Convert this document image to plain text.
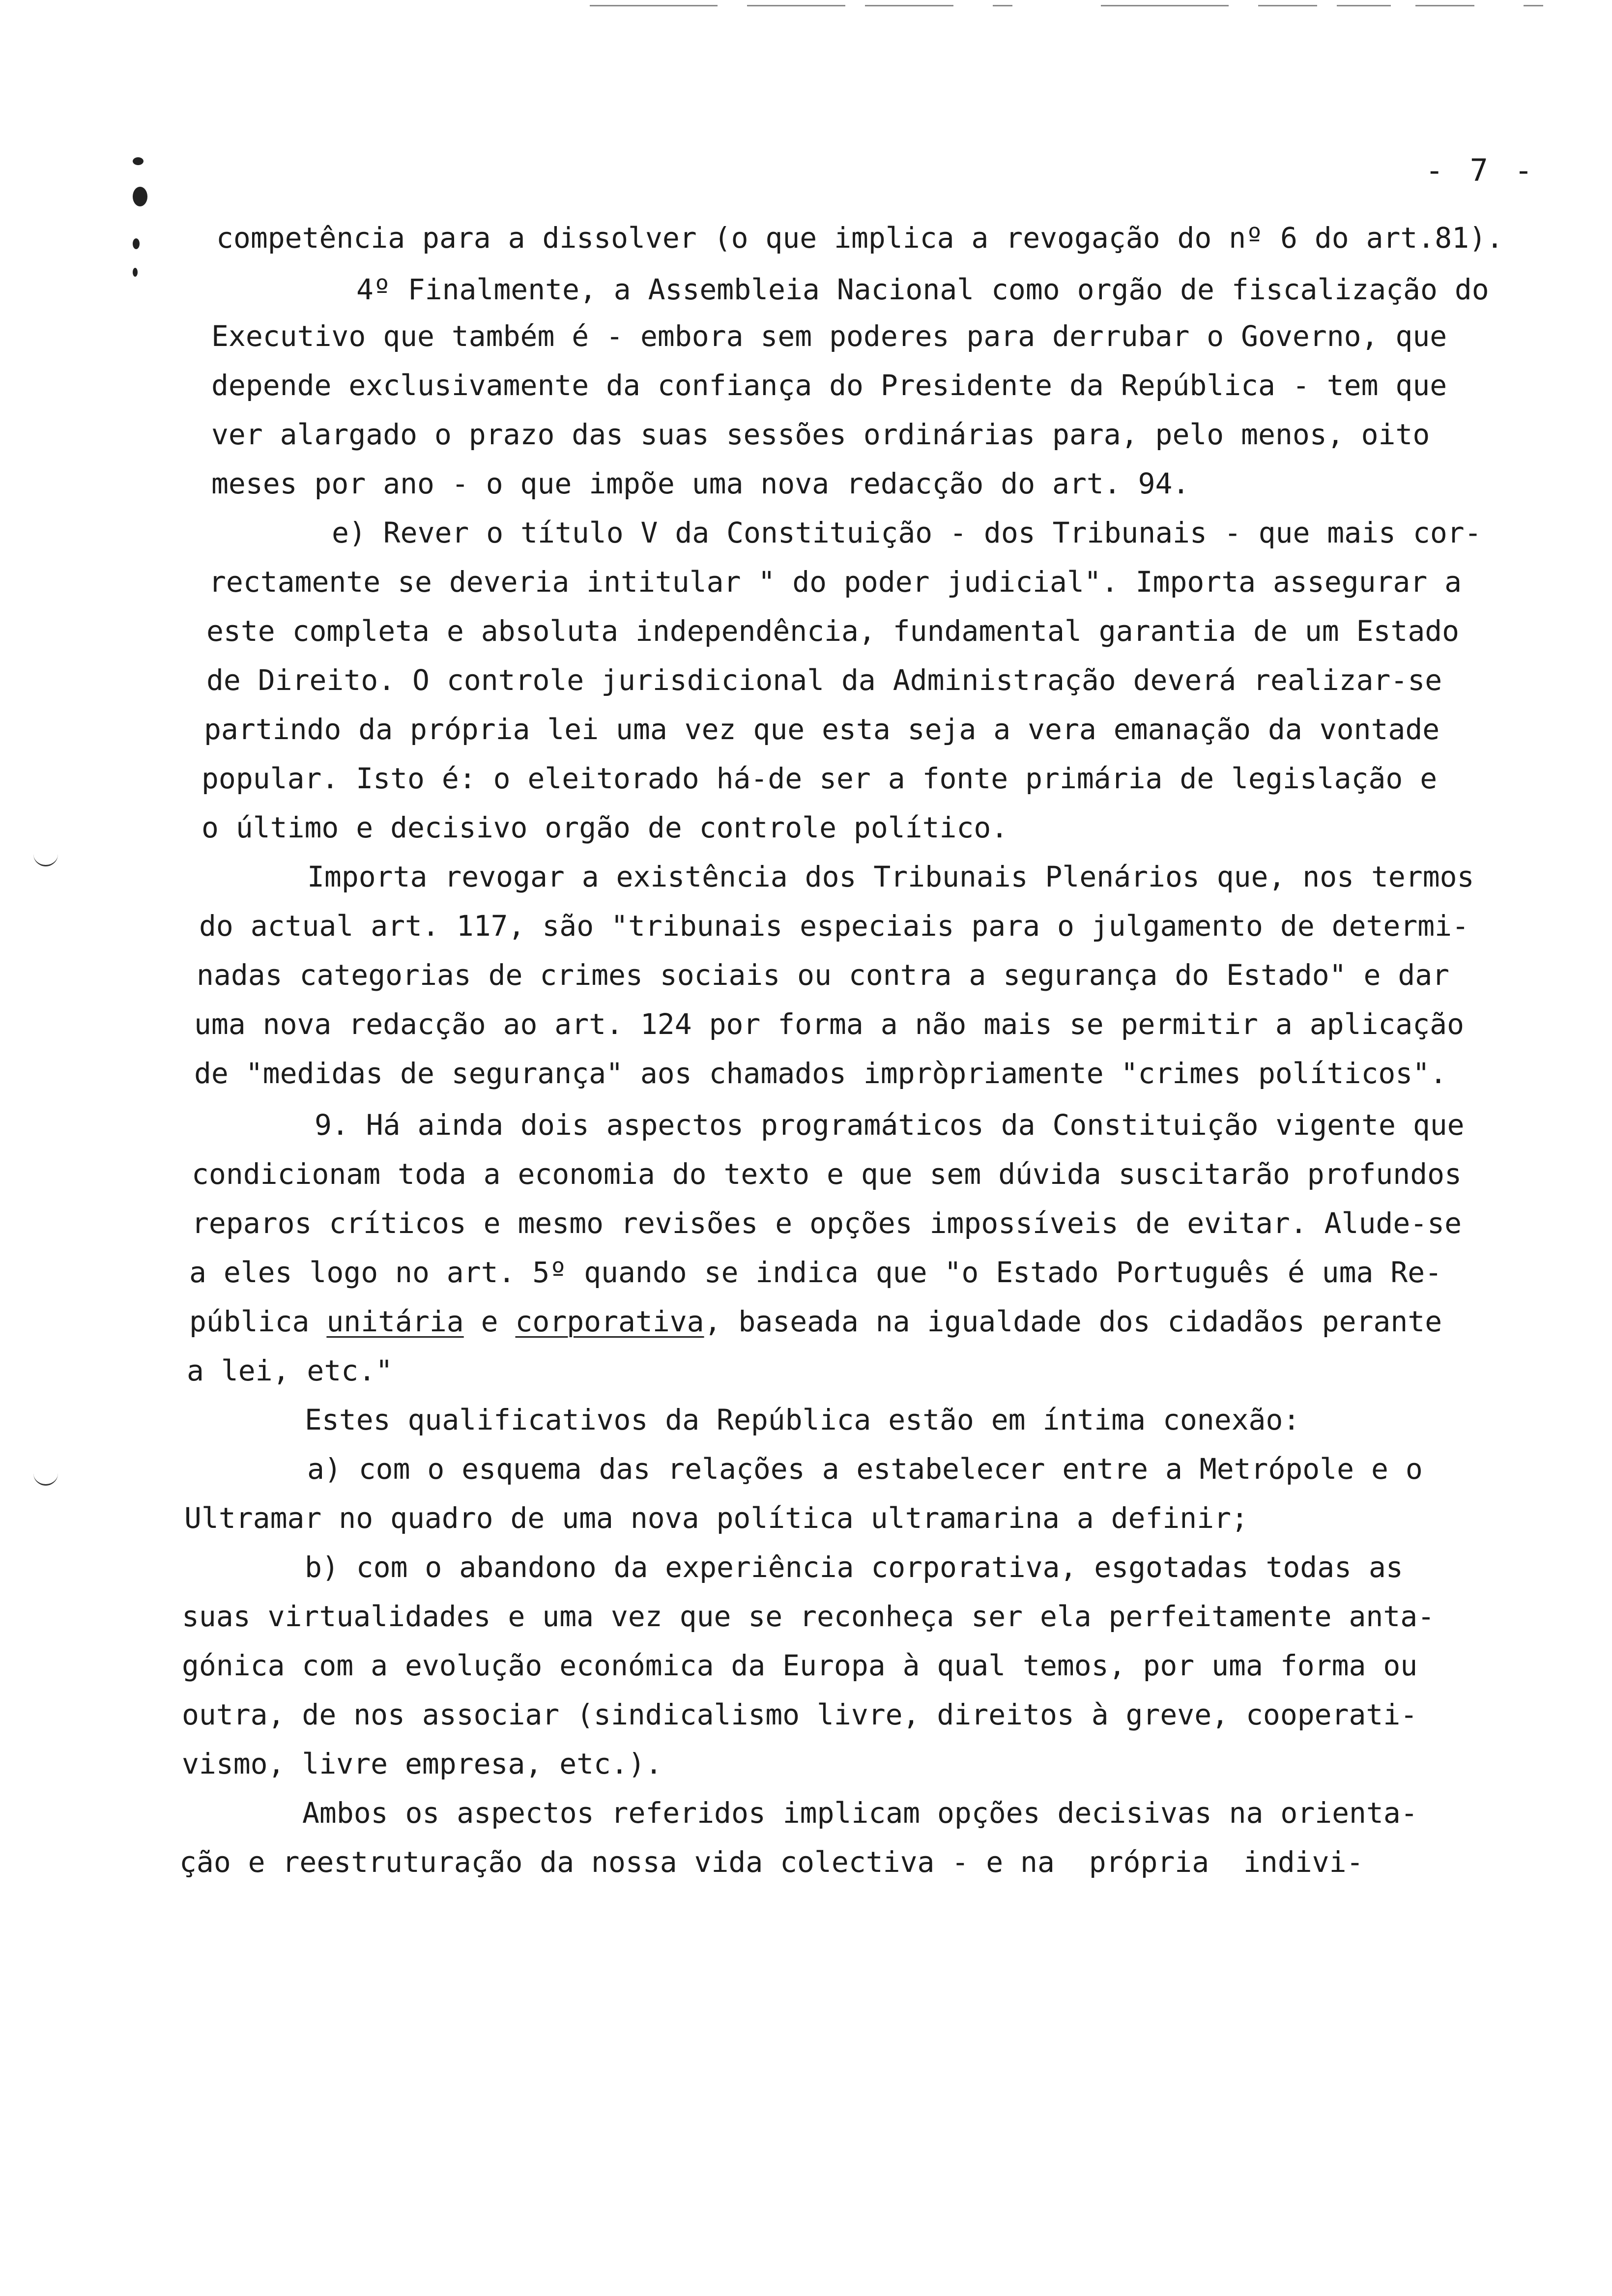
- 7 -
competência para a dissolver (o que implica a revogação do nº 6 do art.81).
4º Finalmente, a Assembleia Nacional como orgão de fiscalização do
Executivo que também é - embora sem poderes para derrubar o Governo, que
depende exclusivamente da confiança do Presidente da República - tem que
ver alargado o prazo das suas sessões ordinárias para, pelo menos, oito
meses por ano - o que impõe uma nova redacção do art. 94.
e) Rever o título V da Constituição - dos Tribunais - que mais cor-
rectamente se deveria intitular " do poder judicial". Importa assegurar a
este completa e absoluta independência, fundamental garantia de um Estado
de Direito. O controle jurisdicional da Administração deverá realizar-se
partindo da própria lei uma vez que esta seja a vera emanação da vontade
popular. Isto é: o eleitorado há-de ser a fonte primária de legislação e
o último e decisivo orgão de controle político.
Importa revogar a existência dos Tribunais Plenários que, nos termos
do actual art. 117, são "tribunais especiais para o julgamento de determi-
nadas categorias de crimes sociais ou contra a segurança do Estado" e dar
uma nova redacção ao art. 124 por forma a não mais se permitir a aplicação
de "medidas de segurança" aos chamados impròpriamente "crimes políticos".
9. Há ainda dois aspectos programáticos da Constituição vigente que
condicionam toda a economia do texto e que sem dúvida suscitarão profundos
reparos críticos e mesmo revisões e opções impossíveis de evitar. Alude-se
a eles logo no art. 5º quando se indica que "o Estado Português é uma Re-
pública unitária e corporativa, baseada na igualdade dos cidadãos perante
a lei, etc."
Estes qualificativos da República estão em íntima conexão:
a) com o esquema das relações a estabelecer entre a Metrópole e o
Ultramar no quadro de uma nova política ultramarina a definir;
b) com o abandono da experiência corporativa, esgotadas todas as
suas virtualidades e uma vez que se reconheça ser ela perfeitamente anta-
gónica com a evolução económica da Europa à qual temos, por uma forma ou
outra, de nos associar (sindicalismo livre, direitos à greve, cooperati-
vismo, livre empresa, etc.).
Ambos os aspectos referidos implicam opções decisivas na orienta-
ção e reestruturação da nossa vida colectiva - e na  própria  indivi-
